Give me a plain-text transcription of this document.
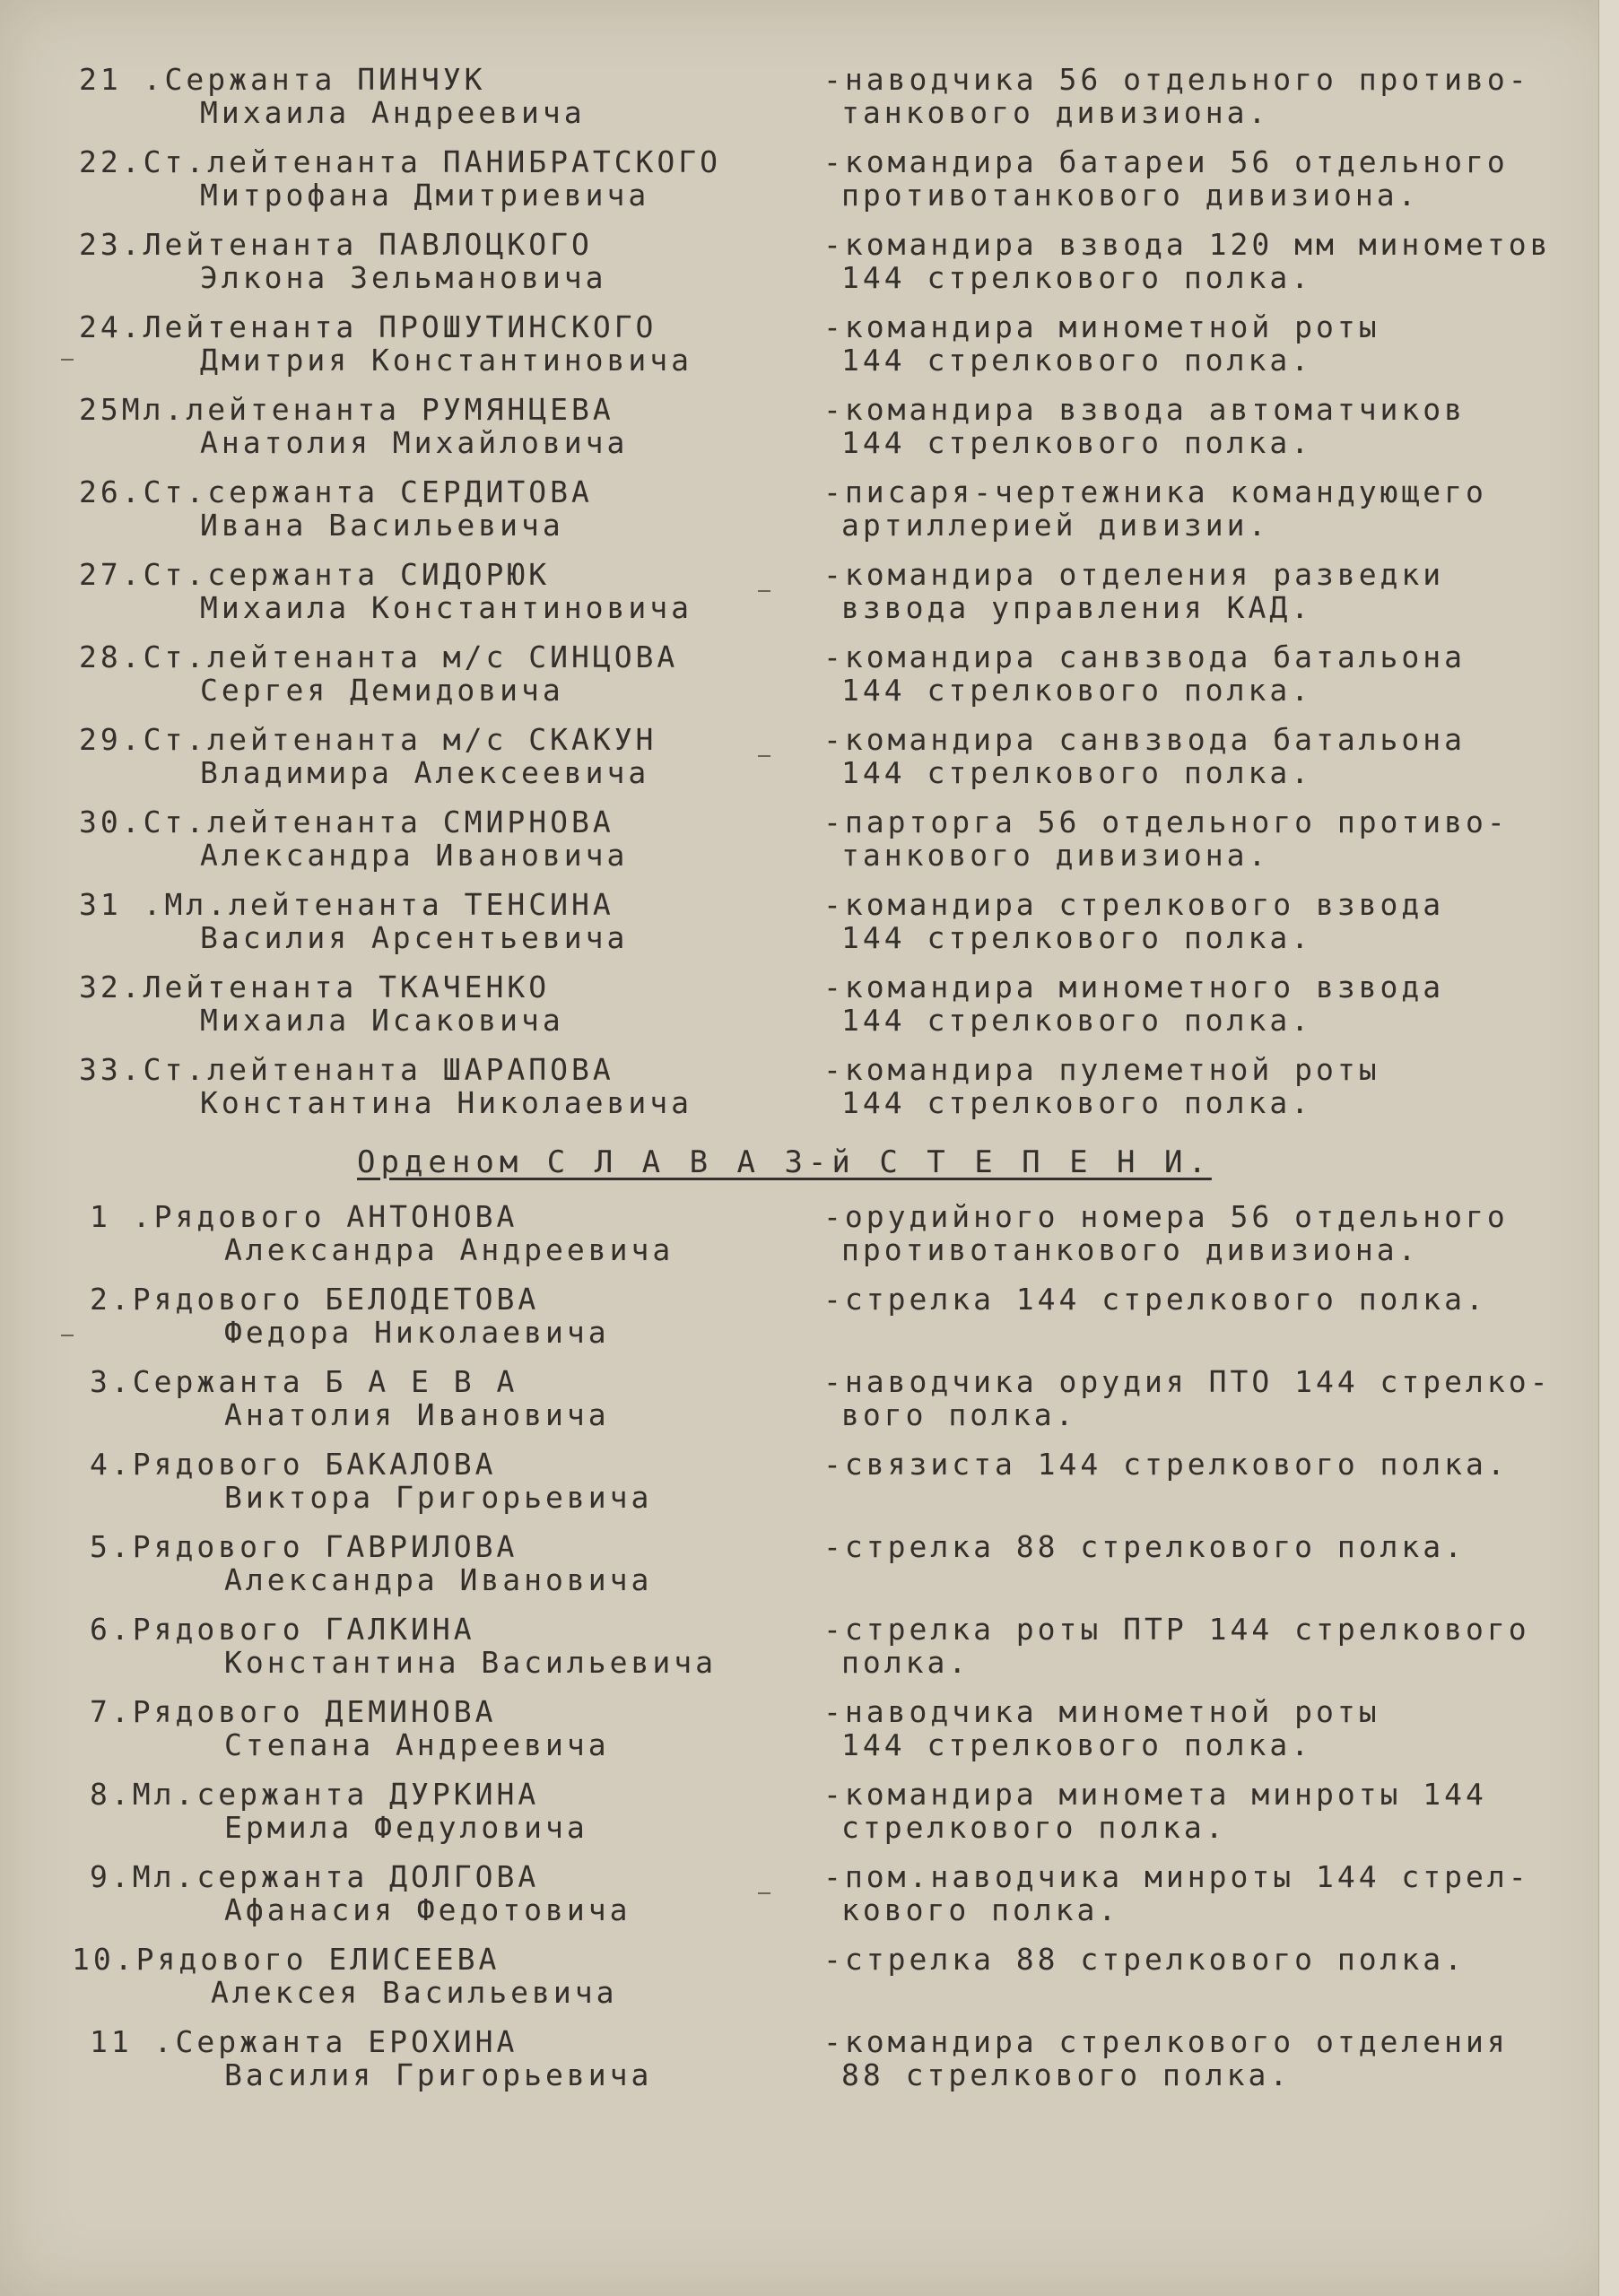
21 .Сержанта ПИНЧУК
Михаила Андреевича
-наводчика 56 отдельного противо-
танкового дивизиона.
22.Ст.лейтенанта ПАНИБРАТСКОГО
Митрофана Дмитриевича
-командира батареи 56 отдельного
противотанкового дивизиона.
23.Лейтенанта ПАВЛОЦКОГО
Элкона Зельмановича
-командира взвода 120 мм минометов
144 стрелкового полка.
24.Лейтенанта ПРОШУТИНСКОГО
Дмитрия Константиновича
-командира минометной роты
144 стрелкового полка.
25Мл.лейтенанта РУМЯНЦЕВА
Анатолия Михайловича
-командира взвода автоматчиков
144 стрелкового полка.
26.Ст.сержанта СЕРДИТОВА
Ивана Васильевича
-писаря-чертежника командующего
артиллерией дивизии.
27.Ст.сержанта СИДОРЮК
Михаила Константиновича
-командира отделения разведки
взвода управления КАД.
28.Ст.лейтенанта м/с СИНЦОВА
Сергея Демидовича
-командира санвзвода батальона
144 стрелкового полка.
29.Ст.лейтенанта м/с СКАКУН
Владимира Алексеевича
-командира санвзвода батальона
144 стрелкового полка.
30.Ст.лейтенанта СМИРНОВА
Александра Ивановича
-парторга 56 отдельного противо-
танкового дивизиона.
31 .Мл.лейтенанта ТЕНСИНА
Василия Арсентьевича
-командира стрелкового взвода
144 стрелкового полка.
32.Лейтенанта ТКАЧЕНКО
Михаила Исаковича
-командира минометного взвода
144 стрелкового полка.
33.Ст.лейтенанта ШАРАПОВА
Константина Николаевича
-командира пулеметной роты
144 стрелкового полка.
Орденом С Л А В А 3-й С Т Е П Е Н И.
1 .Рядового АНТОНОВА
Александра Андреевича
-орудийного номера 56 отдельного
противотанкового дивизиона.
2.Рядового БЕЛОДЕТОВА
Федора Николаевича
-стрелка 144 стрелкового полка.
3.Сержанта Б А Е В А
Анатолия Ивановича
-наводчика орудия ПТО 144 стрелко-
вого полка.
4.Рядового БАКАЛОВА
Виктора Григорьевича
-связиста 144 стрелкового полка.
5.Рядового ГАВРИЛОВА
Александра Ивановича
-стрелка 88 стрелкового полка.
6.Рядового ГАЛКИНА
Константина Васильевича
-стрелка роты ПТР 144 стрелкового
полка.
7.Рядового ДЕМИНОВА
Степана Андреевича
-наводчика минометной роты
144 стрелкового полка.
8.Мл.сержанта ДУРКИНА
Ермила Федуловича
-командира миномета минроты 144
стрелкового полка.
9.Мл.сержанта ДОЛГОВА
Афанасия Федотовича
-пом.наводчика минроты 144 стрел-
кового полка.
10.Рядового ЕЛИСЕЕВА
Алексея Васильевича
-стрелка 88 стрелкового полка.
11 .Сержанта ЕРОХИНА
Василия Григорьевича
-командира стрелкового отделения
88 стрелкового полка.
